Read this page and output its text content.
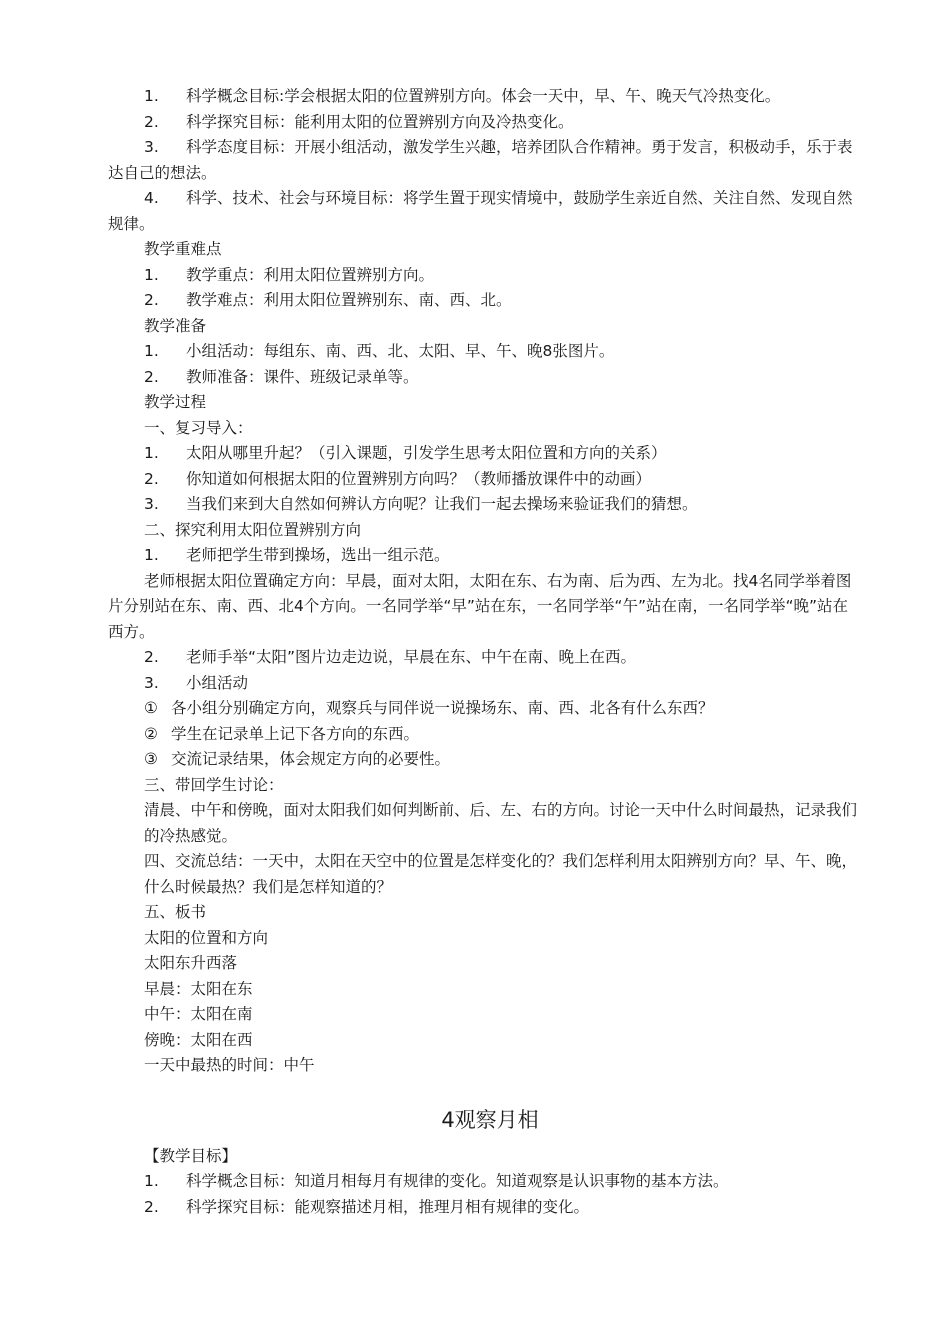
1.	科学概念目标:学会根据太阳的位置辨别方向。体会一天中，早、午、晚天气冷热变化。
2.	科学探究目标：能利用太阳的位置辨别方向及冷热变化。
3. 科学态度目标：开展小组活动，激发学生兴趣，培养团队合作精神。勇于发言，积极动手，乐于表达自己的想法。
4. 科学、技术、社会与环境目标：将学生置于现实情境中，鼓励学生亲近自然、关注自然、发现自然规律。
教学重难点
1.	教学重点：利用太阳位置辨别方向。
2.	教学难点：利用太阳位置辨别东、南、西、北。
教学准备
1.	小组活动：每组东、南、西、北、太阳、早、午、晚8张图片。
2.	教师准备：课件、班级记录单等。
教学过程
一、复习导入：
1.	太阳从哪里升起？（引入课题，引发学生思考太阳位置和方向的关系）
2.	你知道如何根据太阳的位置辨别方向吗？（教师播放课件中的动画）
3.	当我们来到大自然如何辨认方向呢？让我们一起去操场来验证我们的猜想。
二、探究利用太阳位置辨别方向
1.	老师把学生带到操场，选出一组示范。
老师根据太阳位置确定方向：早晨，面对太阳，太阳在东、右为南、后为西、左为北。找4名同学举着图片分别站在东、南、西、北4个方向。一名同学举“早”站在东，一名同学举“午”站在南，一名同学举“晚”站在西方。
2.	老师手举“太阳”图片边走边说，早晨在东、中午在南、晚上在西。
3.	小组活动
① 各小组分别确定方向，观察兵与同伴说一说操场东、南、西、北各有什么东西？
② 学生在记录单上记下各方向的东西。
③ 交流记录结果，体会规定方向的必要性。
三、带回学生讨论：
清晨、中午和傍晚，面对太阳我们如何判断前、后、左、右的方向。讨论一天中什么时间最热，记录我们的冷热感觉。
四、交流总结：一天中，太阳在天空中的位置是怎样变化的？我们怎样利用太阳辨别方向？早、午、晚，什么时候最热？我们是怎样知道的？
五、板书
太阳的位置和方向
太阳东升西落
早晨：太阳在东
中午：太阳在南
傍晚：太阳在西
一天中最热的时间：中午
4观察月相
【教学目标】
1.	科学概念目标：知道月相每月有规律的变化。知道观察是认识事物的基本方法。
2.	科学探究目标：能观察描述月相，推理月相有规律的变化。
